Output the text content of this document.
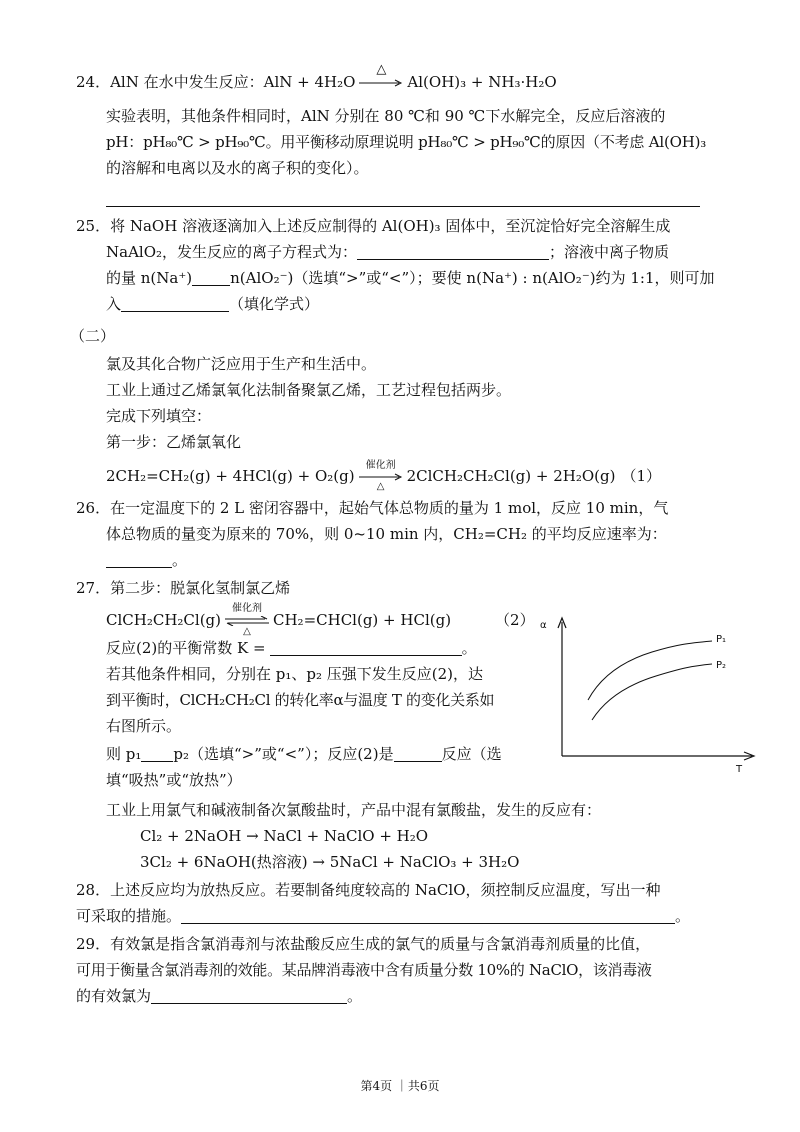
24．AlN 在水中发生反应：AlN + 4H₂O
△
Al(OH)₃ + NH₃·H₂O
实验表明，其他条件相同时，AlN 分别在 80 ℃和 90 ℃下水解完全，反应后溶液的
pH：pH₈₀℃ > pH₉₀℃。用平衡移动原理说明 pH₈₀℃ > pH₉₀℃的原因（不考虑 Al(OH)₃
的溶解和电离以及水的离子积的变化）。
25．将 NaOH 溶液逐滴加入上述反应制得的 Al(OH)₃ 固体中，至沉淀恰好完全溶解生成
NaAlO₂，发生反应的离子方程式为：	；溶液中离子物质
的量 n(Na⁺)	n(AlO₂⁻)（选填“>”或“<”）；要使 n(Na⁺) : n(AlO₂⁻)约为 1:1，则可加
入	（填化学式）
（二）
氯及其化合物广泛应用于生产和生活中。
工业上通过乙烯氯氧化法制备聚氯乙烯，工艺过程包括两步。
完成下列填空：
第一步：乙烯氯氧化
2CH₂=CH₂(g) + 4HCl(g) + O₂(g)
催化剂
△
2ClCH₂CH₂Cl(g) + 2H₂O(g) （1）
26．在一定温度下的 2 L 密闭容器中，起始气体总物质的量为 1 mol，反应 10 min，气
体总物质的量变为原来的 70%，则 0~10 min 内，CH₂=CH₂ 的平均反应速率为：
。
27．第二步：脱氯化氢制氯乙烯
ClCH₂CH₂Cl(g)
催化剂
△
CH₂=CHCl(g) + HCl(g)	（2）
反应(2)的平衡常数 K =	。
若其他条件相同，分别在 p₁、p₂ 压强下发生反应(2)，达
到平衡时，ClCH₂CH₂Cl 的转化率α与温度 T 的变化关系如
右图所示。
则 p₁ p₂（选填“>”或“<”）；反应(2)是	反应（选
填“吸热”或“放热”）
α
T
P₁
P₂
工业上用氯气和碱液制备次氯酸盐时，产品中混有氯酸盐，发生的反应有：
Cl₂ + 2NaOH → NaCl + NaClO + H₂O
3Cl₂ + 6NaOH(热溶液) → 5NaCl + NaClO₃ + 3H₂O
28．上述反应均为放热反应。若要制备纯度较高的 NaClO，须控制反应温度，写出一种
可采取的措施。	。
29．有效氯是指含氯消毒剂与浓盐酸反应生成的氯气的质量与含氯消毒剂质量的比值，
可用于衡量含氯消毒剂的效能。某品牌消毒液中含有质量分数 10%的 NaClO，该消毒液
的有效氯为	。
第4页 ｜共6页
